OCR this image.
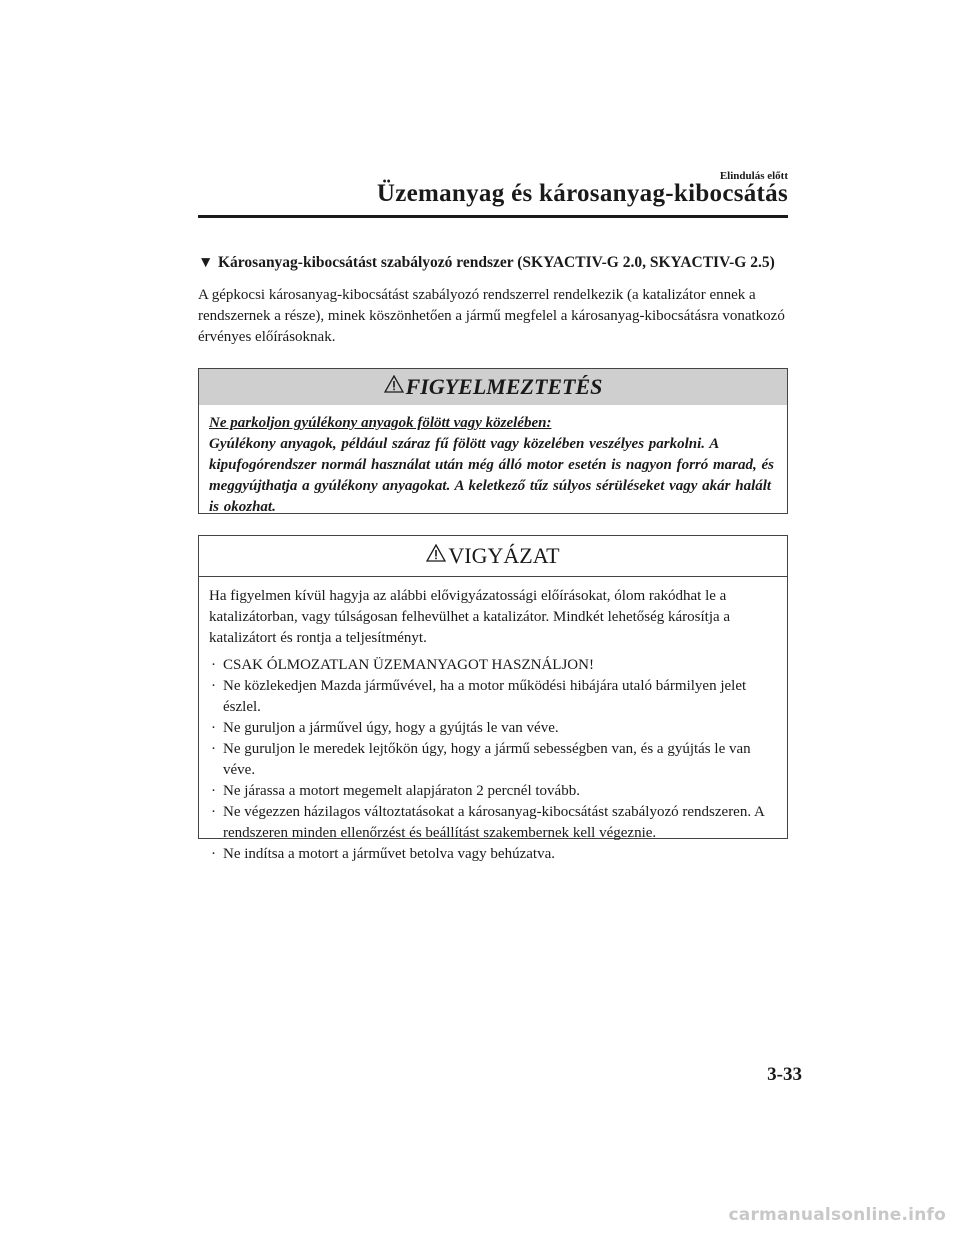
Elindulás előtt
Üzemanyag és károsanyag-kibocsátás
▼ Károsanyag-kibocsátást szabályozó rendszer (SKYACTIV-G 2.0, SKYACTIV-G 2.5)
A gépkocsi károsanyag-kibocsátást szabályozó rendszerrel rendelkezik (a katalizátor ennek a rendszernek a része), minek köszönhetően a jármű megfelel a károsanyag-kibocsátásra vonatkozó érvényes előírásoknak.
FIGYELMEZTETÉS
Ne parkoljon gyúlékony anyagok fölött vagy közelében:
Gyúlékony anyagok, például száraz fű fölött vagy közelében veszélyes parkolni. A kipufogórendszer normál használat után még álló motor esetén is nagyon forró marad, és meggyújthatja a gyúlékony anyagokat. A keletkező tűz súlyos sérüléseket vagy akár halált is okozhat.
VIGYÁZAT
Ha figyelmen kívül hagyja az alábbi elővigyázatossági előírásokat, ólom rakódhat le a katalizátorban, vagy túlságosan felhevülhet a katalizátor. Mindkét lehetőség károsítja a katalizátort és rontja a teljesítményt.
· CSAK ÓLMOZATLAN ÜZEMANYAGOT HASZNÁLJON!
· Ne közlekedjen Mazda járművével, ha a motor működési hibájára utaló bármilyen jelet észlel.
· Ne guruljon a járművel úgy, hogy a gyújtás le van véve.
· Ne guruljon le meredek lejtőkön úgy, hogy a jármű sebességben van, és a gyújtás le van véve.
· Ne járassa a motort megemelt alapjáraton 2 percnél tovább.
· Ne végezzen házilagos változtatásokat a károsanyag-kibocsátást szabályozó rendszeren. A rendszeren minden ellenőrzést és beállítást szakembernek kell végeznie.
· Ne indítsa a motort a járművet betolva vagy behúzatva.
3-33
carmanualsonline.info
